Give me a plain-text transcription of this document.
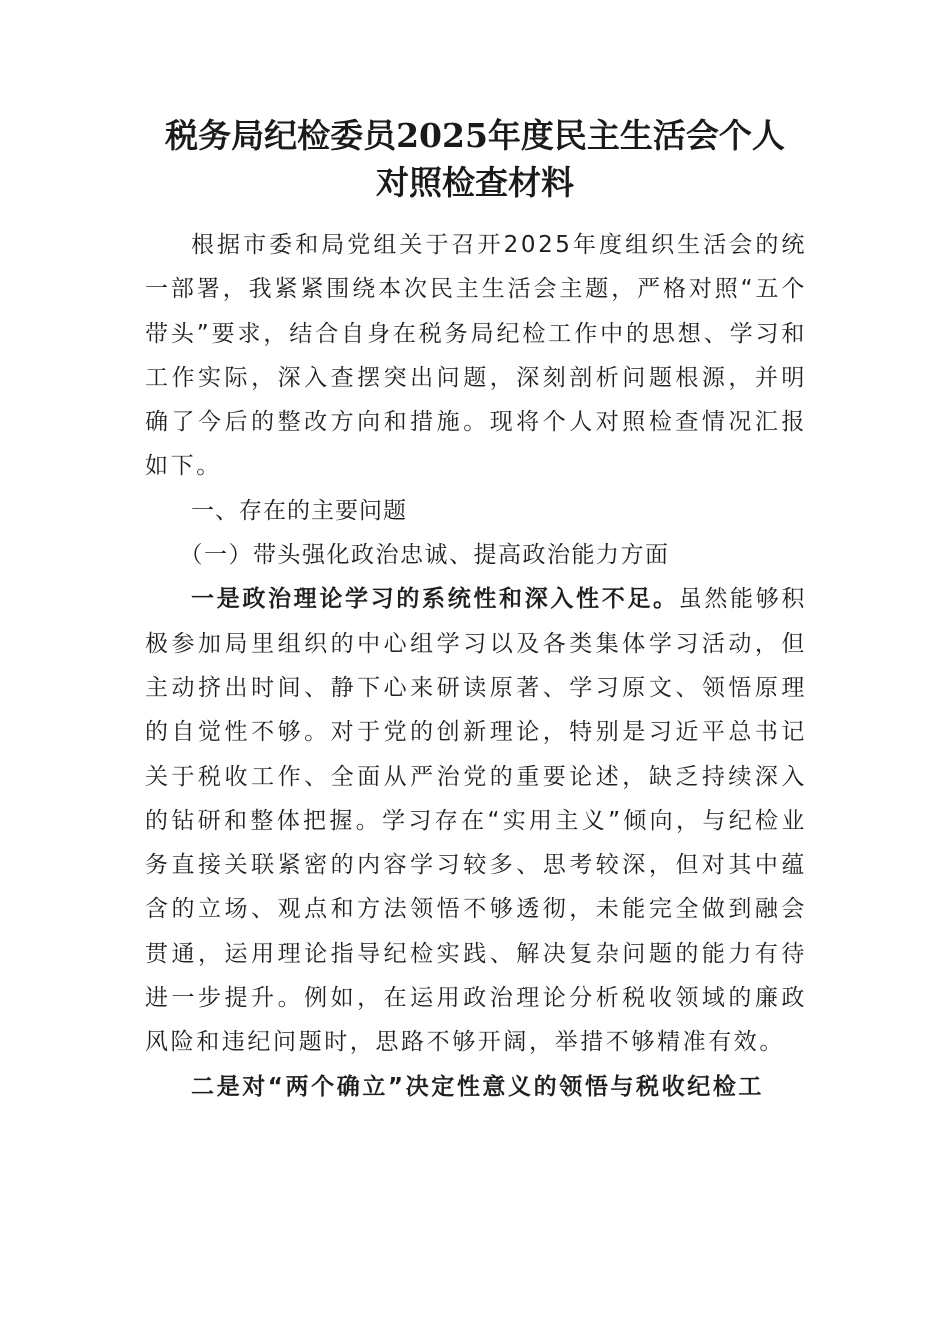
税务局纪检委员2025年度民主生活会个人
对照检查材料

根据市委和局党组关于召开2025年度组织生活会的统一部署，我紧紧围绕本次民主生活会主题，严格对照“五个带头”要求，结合自身在税务局纪检工作中的思想、学习和工作实际，深入查摆突出问题，深刻剖析问题根源，并明确了今后的整改方向和措施。现将个人对照检查情况汇报如下。

一、存在的主要问题

（一）带头强化政治忠诚、提高政治能力方面

一是政治理论学习的系统性和深入性不足。虽然能够积极参加局里组织的中心组学习以及各类集体学习活动，但主动挤出时间、静下心来研读原著、学习原文、领悟原理的自觉性不够。对于党的创新理论，特别是习近平总书记关于税收工作、全面从严治党的重要论述，缺乏持续深入的钻研和整体把握。学习存在“实用主义”倾向，与纪检业务直接关联紧密的内容学习较多、思考较深，但对其中蕴含的立场、观点和方法领悟不够透彻，未能完全做到融会贯通，运用理论指导纪检实践、解决复杂问题的能力有待进一步提升。例如，在运用政治理论分析税收领域的廉政风险和违纪问题时，思路不够开阔，举措不够精准有效。

二是对“两个确立”决定性意义的领悟与税收纪检工
